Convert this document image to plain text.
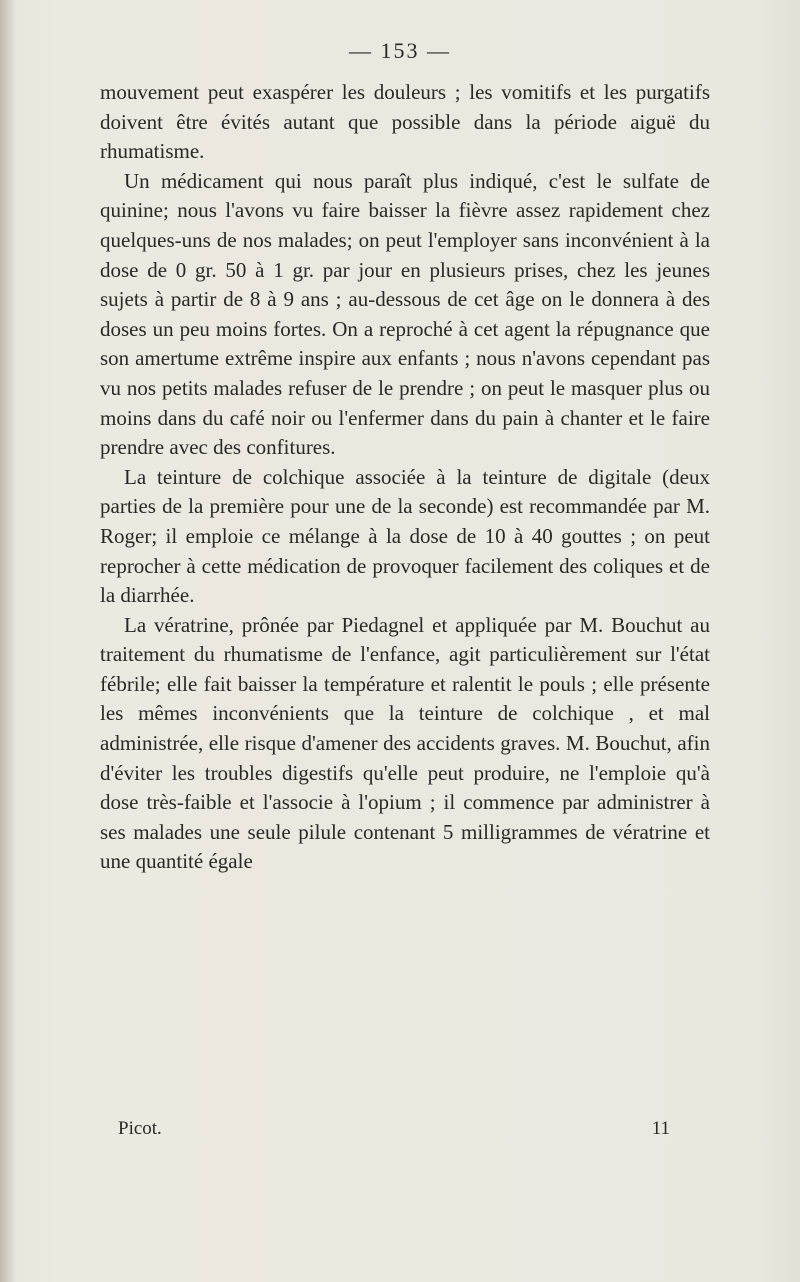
— 153 —

mouvement peut exaspérer les douleurs ; les vomitifs et les purgatifs doivent être évités autant que possible dans la période aiguë du rhumatisme.

Un médicament qui nous paraît plus indiqué, c'est le sulfate de quinine; nous l'avons vu faire baisser la fièvre assez rapidement chez quelques-uns de nos malades; on peut l'employer sans inconvénient à la dose de 0 gr. 50 à 1 gr. par jour en plusieurs prises, chez les jeunes sujets à partir de 8 à 9 ans ; au-dessous de cet âge on le donnera à des doses un peu moins fortes. On a reproché à cet agent la répugnance que son amertume extrême inspire aux enfants ; nous n'avons cependant pas vu nos petits malades refuser de le prendre ; on peut le masquer plus ou moins dans du café noir ou l'enfermer dans du pain à chanter et le faire prendre avec des confitures.

La teinture de colchique associée à la teinture de digitale (deux parties de la première pour une de la seconde) est recommandée par M. Roger; il emploie ce mélange à la dose de 10 à 40 gouttes ; on peut reprocher à cette médication de provoquer facilement des coliques et de la diarrhée.

La vératrine, prônée par Piedagnel et appliquée par M. Bouchut au traitement du rhumatisme de l'enfance, agit particulièrement sur l'état fébrile; elle fait baisser la température et ralentit le pouls ; elle présente les mêmes inconvénients que la teinture de colchique , et mal administrée, elle risque d'amener des accidents graves. M. Bouchut, afin d'éviter les troubles digestifs qu'elle peut produire, ne l'emploie qu'à dose très-faible et l'associe à l'opium ; il commence par administrer à ses malades une seule pilule contenant 5 milligrammes de vératrine et une quantité égale

Picot.	11
